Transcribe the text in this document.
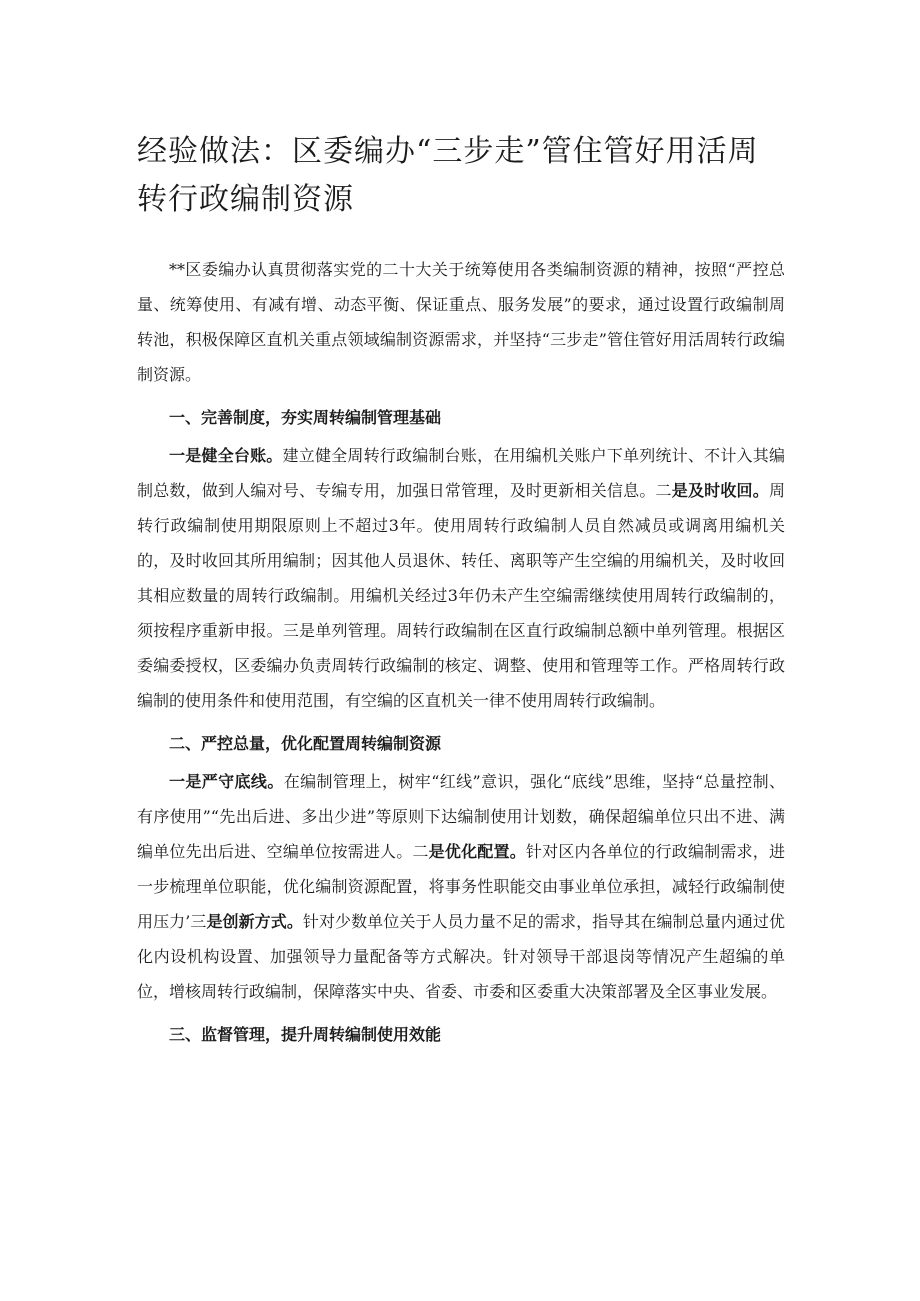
经验做法：区委编办“三步走”管住管好用活周转行政编制资源

**区委编办认真贯彻落实党的二十大关于统筹使用各类编制资源的精神，按照“严控总量、统筹使用、有减有增、动态平衡、保证重点、服务发展”的要求，通过设置行政编制周转池，积极保障区直机关重点领域编制资源需求，并坚持“三步走”管住管好用活周转行政编制资源。

一、完善制度，夯实周转编制管理基础

一是健全台账。建立健全周转行政编制台账，在用编机关账户下单列统计、不计入其编制总数，做到人编对号、专编专用，加强日常管理，及时更新相关信息。二是及时收回。周转行政编制使用期限原则上不超过3年。使用周转行政编制人员自然减员或调离用编机关的，及时收回其所用编制；因其他人员退休、转任、离职等产生空编的用编机关，及时收回其相应数量的周转行政编制。用编机关经过3年仍未产生空编需继续使用周转行政编制的，须按程序重新申报。三是单列管理。周转行政编制在区直行政编制总额中单列管理。根据区委编委授权，区委编办负责周转行政编制的核定、调整、使用和管理等工作。严格周转行政编制的使用条件和使用范围，有空编的区直机关一律不使用周转行政编制。

二、严控总量，优化配置周转编制资源

一是严守底线。在编制管理上，树牢“红线”意识，强化“底线”思维，坚持“总量控制、有序使用”“先出后进、多出少进”等原则下达编制使用计划数，确保超编单位只出不进、满编单位先出后进、空编单位按需进人。二是优化配置。针对区内各单位的行政编制需求，进一步梳理单位职能，优化编制资源配置，将事务性职能交由事业单位承担，减轻行政编制使用压力’三是创新方式。针对少数单位关于人员力量不足的需求，指导其在编制总量内通过优化内设机构设置、加强领导力量配备等方式解决。针对领导干部退岗等情况产生超编的单位，增核周转行政编制，保障落实中央、省委、市委和区委重大决策部署及全区事业发展。

三、监督管理，提升周转编制使用效能
